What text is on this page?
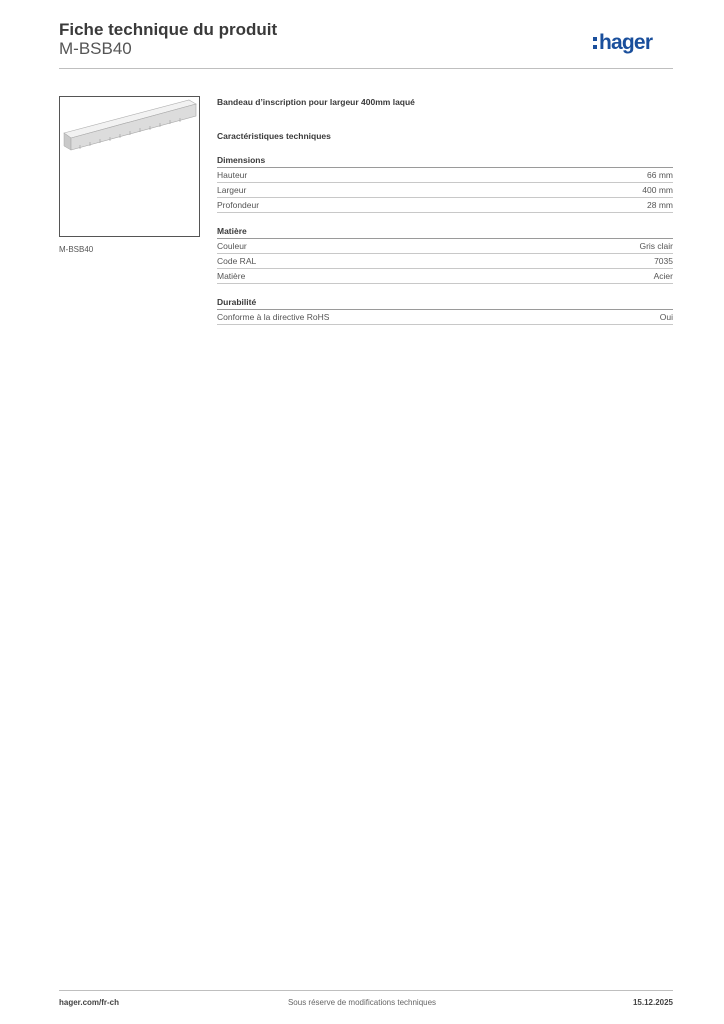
Fiche technique du produit
M-BSB40	hager
M-BSB40
Bandeau d’inscription pour largeur 400mm laqué
Caractéristiques techniques
Dimensions
Hauteur	66 mm
Largeur	400 mm
Profondeur	28 mm
Matière
Couleur	Gris clair
Code RAL	7035
Matière	Acier
Durabilité
Conforme à la directive RoHS	Oui
hager.com/fr-ch	Sous réserve de modifications techniques	15.12.2025
